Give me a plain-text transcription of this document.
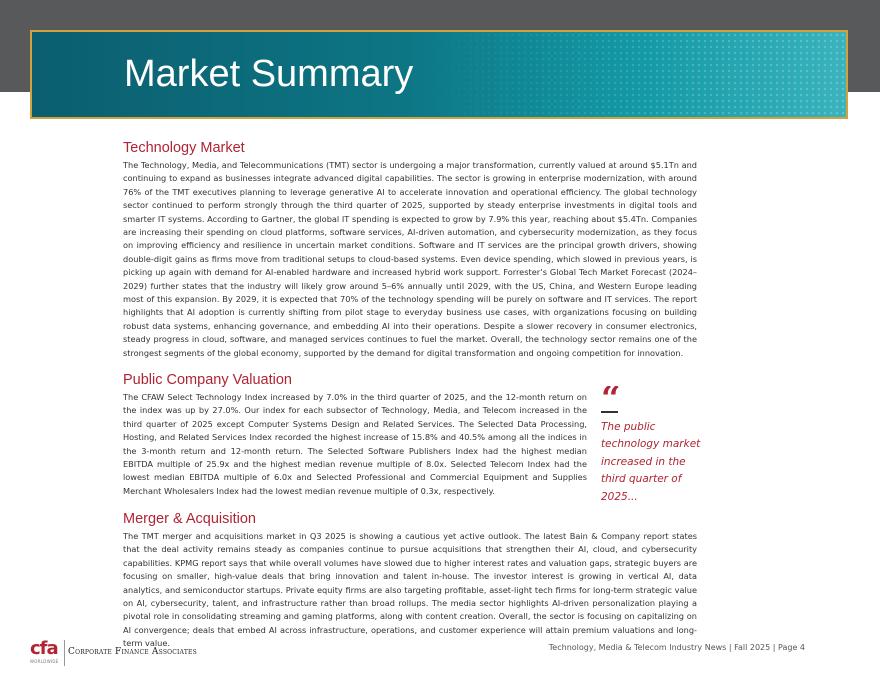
Market Summary
Technology Market

The Technology, Media, and Telecommunications (TMT) sector is undergoing a major transformation, currently valued at around $5.1Tn and continuing to expand as businesses integrate advanced digital capabilities. The sector is growing in enterprise modernization, with around 76% of the TMT executives planning to leverage generative AI to accelerate innovation and operational efficiency. The global technology sector continued to perform strongly through the third quarter of 2025, supported by steady enterprise investments in digital tools and smarter IT systems. According to Gartner, the global IT spending is expected to grow by 7.9% this year, reaching about $5.4Tn. Companies are increasing their spending on cloud platforms, software services, AI-driven automation, and cybersecurity modernization, as they focus on improving efficiency and resilience in uncertain market conditions. Software and IT services are the principal growth drivers, showing double-digit gains as firms move from traditional setups to cloud-based systems. Even device spending, which slowed in previous years, is picking up again with demand for AI-enabled hardware and increased hybrid work support. Forrester’s Global Tech Market Forecast (2024–2029) further states that the industry will likely grow around 5–6% annually until 2029, with the US, China, and Western Europe leading most of this expansion. By 2029, it is expected that 70% of the technology spending will be purely on software and IT services. The report highlights that AI adoption is currently shifting from pilot stage to everyday business use cases, with organizations focusing on building robust data systems, enhancing governance, and embedding AI into their operations. Despite a slower recovery in consumer electronics, steady progress in cloud, software, and managed services continues to fuel the market. Overall, the technology sector remains one of the strongest segments of the global economy, supported by the demand for digital transformation and ongoing competition for innovation.

Public Company Valuation

The CFAW Select Technology Index increased by 7.0% in the third quarter of 2025, and the 12-month return on the index was up by 27.0%. Our index for each subsector of Technology, Media, and Telecom increased in the third quarter of 2025 except Computer Systems Design and Related Services. The Selected Data Processing, Hosting, and Related Services Index recorded the highest increase of 15.8% and 40.5% among all the indices in the 3-month return and 12-month return. The Selected Software Publishers Index had the highest median EBITDA multiple of 25.9x and the highest median revenue multiple of 8.0x. Selected Telecom Index had the lowest median EBITDA multiple of 6.0x and Selected Professional and Commercial Equipment and Supplies Merchant Wholesalers Index had the lowest median revenue multiple of 0.3x, respectively.

“
The public technology market increased in the third quarter of 2025...
Merger & Acquisition

The TMT merger and acquisitions market in Q3 2025 is showing a cautious yet active outlook. The latest Bain & Company report states that the deal activity remains steady as companies continue to pursue acquisitions that strengthen their AI, cloud, and cybersecurity capabilities. KPMG report says that while overall volumes have slowed due to higher interest rates and valuation gaps, strategic buyers are focusing on smaller, high-value deals that bring innovation and talent in-house. The investor interest is growing in vertical AI, data analytics, and semiconductor startups. Private equity firms are also targeting profitable, asset-light tech firms for long-term strategic value on AI, cybersecurity, talent, and infrastructure rather than broad rollups. The media sector highlights AI-driven personalization playing a pivotal role in consolidating streaming and gaming platforms, along with content creation. Overall, the sector is focusing on capitalizing on AI convergence; deals that embed AI across infrastructure, operations, and customer experience will attain premium valuations and long-term value.

cfa
WORLDWIDE
Corporate Finance Associates	Technology, Media & Telecom Industry News | Fall 2025 | Page 4
